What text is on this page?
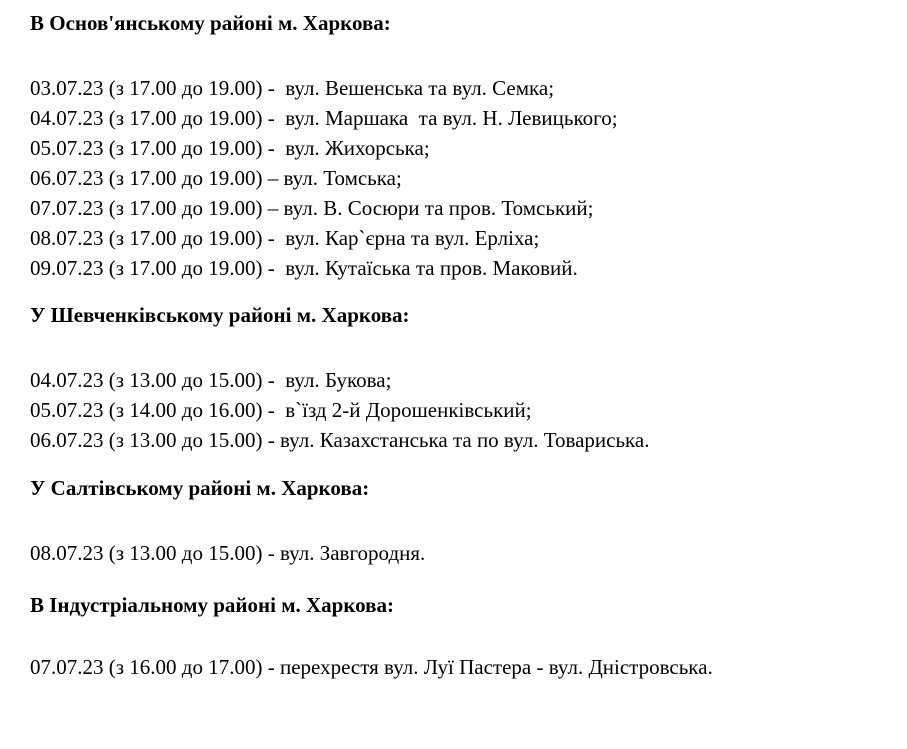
В Основ'янському районі м. Харкова:

03.07.23 (з 17.00 до 19.00) -  вул. Вешенська та вул. Семка;

04.07.23 (з 17.00 до 19.00) -  вул. Маршака  та вул. Н. Левицького;

05.07.23 (з 17.00 до 19.00) -  вул. Жихорська;

06.07.23 (з 17.00 до 19.00) – вул. Томська;

07.07.23 (з 17.00 до 19.00) – вул. В. Сосюри та пров. Томський;

08.07.23 (з 17.00 до 19.00) -  вул. Кар`єрна та вул. Ерліха;

09.07.23 (з 17.00 до 19.00) -  вул. Кутаїська та пров. Маковий.

У Шевченківському районі м. Харкова:

04.07.23 (з 13.00 до 15.00) -  вул. Букова;

05.07.23 (з 14.00 до 16.00) -  в`їзд 2-й Дорошенківський;

06.07.23 (з 13.00 до 15.00) - вул. Казахстанська та по вул. Товариська.

У Салтівському районі м. Харкова:

08.07.23 (з 13.00 до 15.00) - вул. Завгородня.

В Індустріальному районі м. Харкова:

07.07.23 (з 16.00 до 17.00) - перехрестя вул. Луї Пастера - вул. Дністровська.
